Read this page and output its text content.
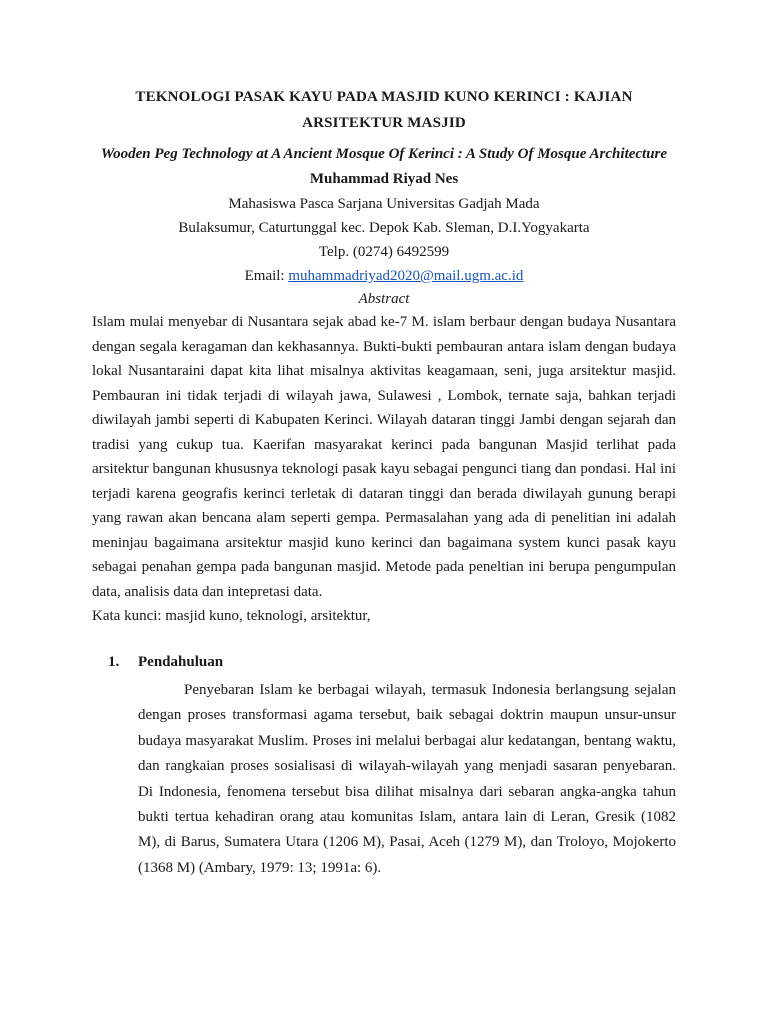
TEKNOLOGI PASAK KAYU PADA MASJID KUNO KERINCI : KAJIAN ARSITEKTUR MASJID

Wooden Peg Technology at A Ancient Mosque Of Kerinci : A Study Of Mosque Architecture

Muhammad Riyad Nes

Mahasiswa Pasca Sarjana Universitas Gadjah Mada

Bulaksumur, Caturtunggal kec. Depok Kab. Sleman, D.I.Yogyakarta

Telp. (0274) 6492599

Email: muhammadriyad2020@mail.ugm.ac.id

Abstract

Islam mulai menyebar di Nusantara sejak abad ke-7 M. islam berbaur dengan budaya Nusantara dengan segala keragaman dan kekhasannya. Bukti-bukti pembauran antara islam dengan budaya lokal Nusantaraini dapat kita lihat misalnya aktivitas keagamaan, seni, juga arsitektur masjid. Pembauran ini tidak terjadi di wilayah jawa, Sulawesi , Lombok, ternate saja, bahkan terjadi diwilayah jambi seperti di Kabupaten Kerinci. Wilayah dataran tinggi Jambi dengan sejarah dan tradisi yang cukup tua. Kaerifan masyarakat kerinci pada bangunan Masjid terlihat pada arsitektur bangunan khususnya teknologi pasak kayu sebagai pengunci tiang dan pondasi. Hal ini terjadi karena geografis kerinci terletak di dataran tinggi dan berada diwilayah gunung berapi yang rawan akan bencana alam seperti gempa. Permasalahan yang ada di penelitian ini adalah meninjau bagaimana arsitektur masjid kuno kerinci dan bagaimana system kunci pasak kayu sebagai penahan gempa pada bangunan masjid. Metode pada peneltian ini berupa pengumpulan data, analisis data dan intepretasi data.

Kata kunci: masjid kuno, teknologi, arsitektur,

1.	Pendahuluan

Penyebaran Islam ke berbagai wilayah, termasuk Indonesia berlangsung sejalan dengan proses transformasi agama tersebut, baik sebagai doktrin maupun unsur-unsur budaya masyarakat Muslim. Proses ini melalui berbagai alur kedatangan, bentang waktu, dan rangkaian proses sosialisasi di wilayah-wilayah yang menjadi sasaran penyebaran. Di Indonesia, fenomena tersebut bisa dilihat misalnya dari sebaran angka-angka tahun bukti tertua kehadiran orang atau komunitas Islam, antara lain di Leran, Gresik (1082 M), di Barus, Sumatera Utara (1206 M), Pasai, Aceh (1279 M), dan Troloyo, Mojokerto (1368 M) (Ambary, 1979: 13; 1991a: 6).
